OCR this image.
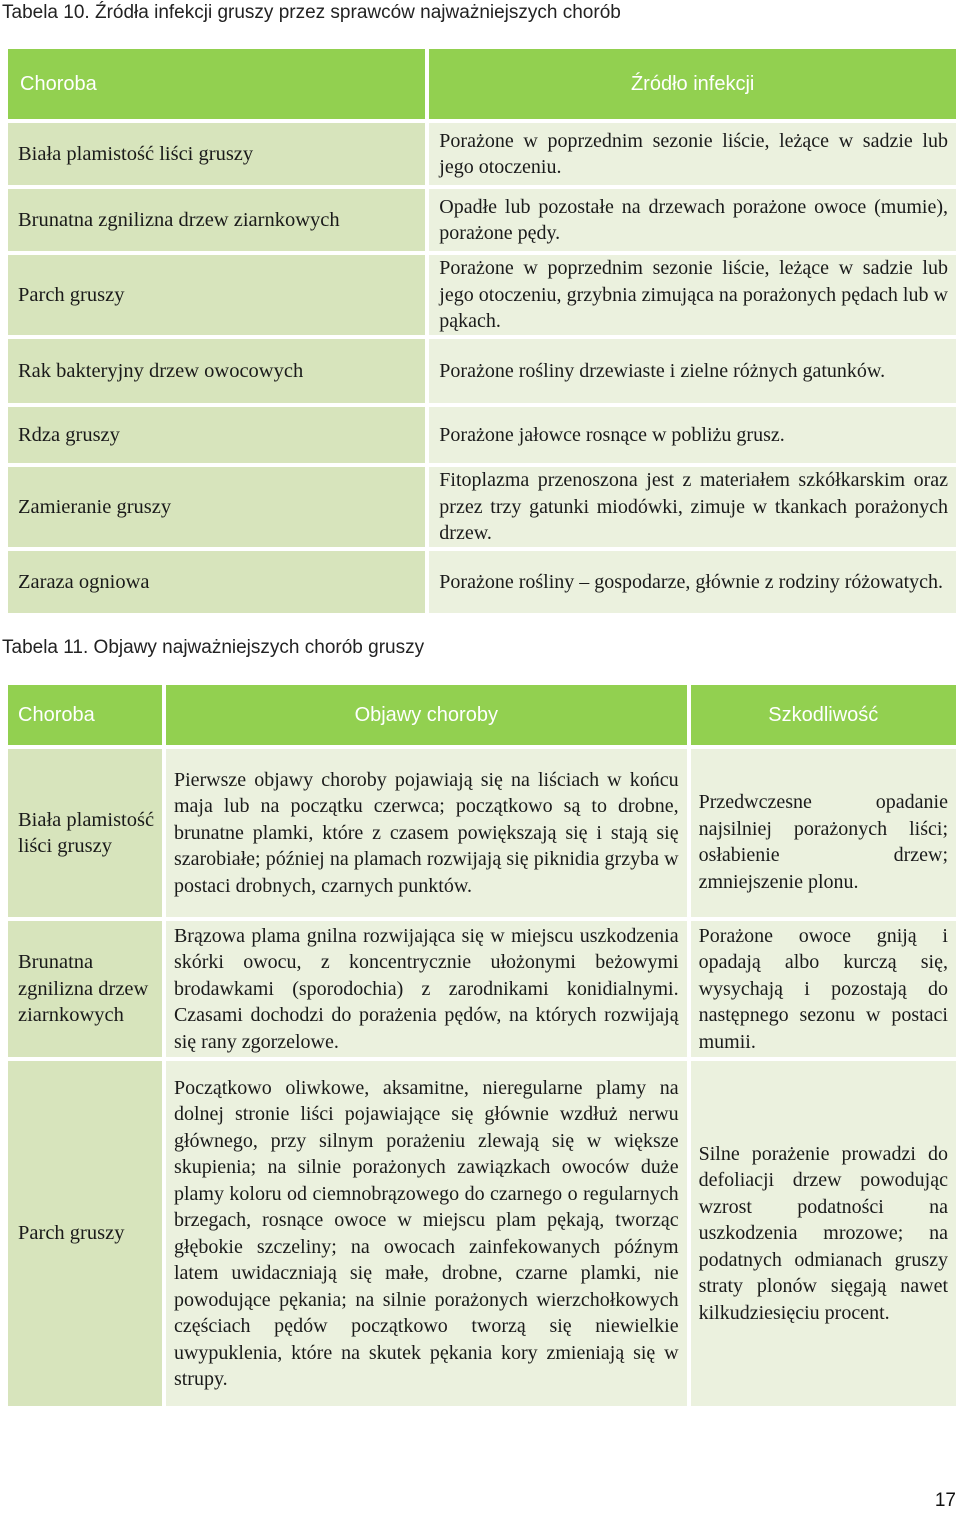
Tabela 10. Źródła infekcji gruszy przez sprawców najważniejszych chorób

Choroba	Źródło infekcji
Biała plamistość liści gruszy	Porażone w poprzednim sezonie liście, leżące w sadzie lub jego otoczeniu.
Brunatna zgnilizna drzew ziarnkowych	Opadłe lub pozostałe na drzewach porażone owoce (mumie), porażone pędy.
Parch gruszy	Porażone w poprzednim sezonie liście, leżące w sadzie lub jego otoczeniu, grzybnia zimująca na porażonych pędach lub w pąkach.
Rak bakteryjny drzew owocowych	Porażone rośliny drzewiaste i zielne różnych gatunków.
Rdza gruszy	Porażone jałowce rosnące w pobliżu grusz.
Zamieranie gruszy	Fitoplazma przenoszona jest z materiałem szkółkarskim oraz przez trzy gatunki miodówki, zimuje w tkankach porażonych drzew.
Zaraza ogniowa	Porażone rośliny – gospodarze, głównie z rodziny różowatych.

Tabela 11. Objawy najważniejszych chorób gruszy

Choroba	Objawy choroby	Szkodliwość
Biała plamistość liści gruszy	Pierwsze objawy choroby pojawiają się na liściach w końcu maja lub na początku czerwca; początkowo są to drobne, brunatne plamki, które z czasem powiększają się i stają się szarobiałe; później na plamach rozwijają się piknidia grzyba w postaci drobnych, czarnych punktów.	Przedwczesne opadanie najsilniej porażonych liści; osłabienie drzew; zmniejszenie plonu.
Brunatna zgnilizna drzew ziarnkowych	Brązowa plama gnilna rozwijająca się w miejscu uszkodzenia skórki owocu, z koncentrycznie ułożonymi beżowymi brodawkami (sporodochia) z zarodnikami konidialnymi. Czasami dochodzi do porażenia pędów, na których rozwijają się rany zgorzelowe.	Porażone owoce gniją i opadają albo kurczą się, wysychają i pozostają do następnego sezonu w postaci mumii.
Parch gruszy	Początkowo oliwkowe, aksamitne, nieregularne plamy na dolnej stronie liści pojawiające się głównie wzdłuż nerwu głównego, przy silnym porażeniu zlewają się w większe skupienia; na silnie porażonych zawiązkach owoców duże plamy koloru od ciemnobrązowego do czarnego o regularnych brzegach, rosnące owoce w miejscu plam pękają, tworząc głębokie szczeliny; na owocach zainfekowanych późnym latem uwidaczniają się małe, drobne, czarne plamki, nie powodujące pękania; na silnie porażonych wierzchołkowych częściach pędów początkowo tworzą się niewielkie uwypuklenia, które na skutek pękania kory zmieniają się w strupy.	Silne porażenie prowadzi do defoliacji drzew powodując wzrost podatności na uszkodzenia mrozowe; na podatnych odmianach gruszy straty plonów sięgają nawet kilkudziesięciu procent.
17
